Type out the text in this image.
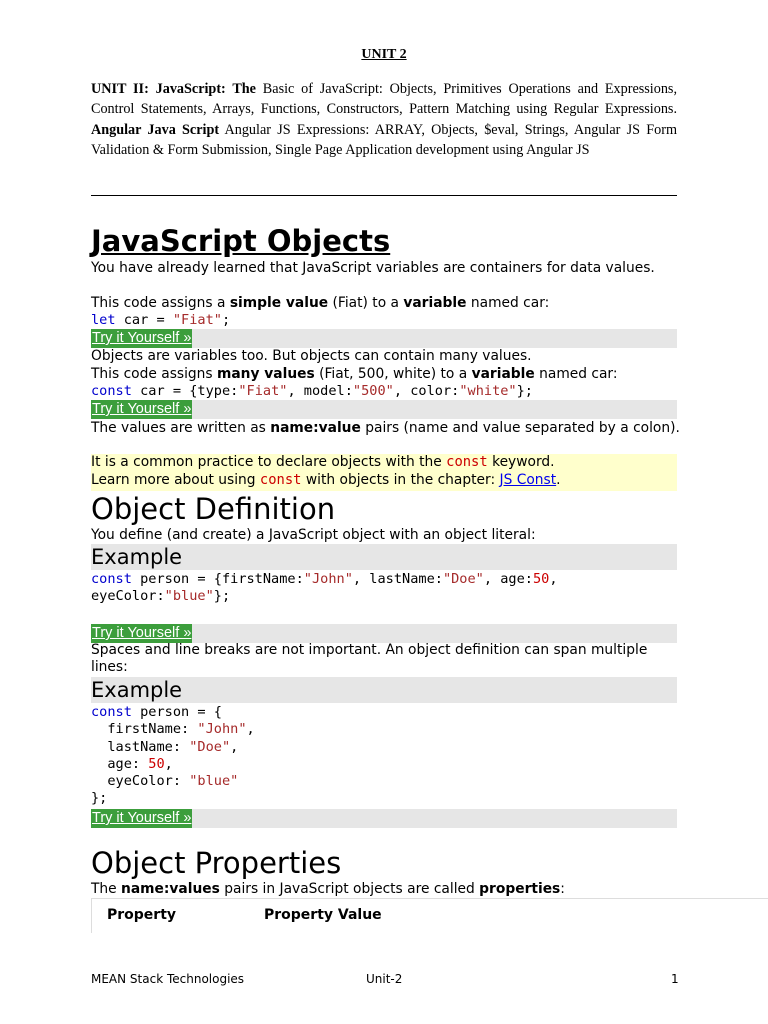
UNIT 2
UNIT II: JavaScript: The Basic of JavaScript: Objects, Primitives Operations and Expressions, Control Statements, Arrays, Functions, Constructors, Pattern Matching using Regular Expressions. Angular Java Script Angular JS Expressions: ARRAY, Objects, $eval, Strings, Angular JS Form Validation & Form Submission, Single Page Application development using Angular JS
JavaScript Objects
You have already learned that JavaScript variables are containers for data values.
This code assigns a simple value (Fiat) to a variable named car:
let car = "Fiat";
Try it Yourself »
Objects are variables too. But objects can contain many values.
This code assigns many values (Fiat, 500, white) to a variable named car:
const car = {type:"Fiat", model:"500", color:"white"};
Try it Yourself »
The values are written as name:value pairs (name and value separated by a colon).
It is a common practice to declare objects with the const keyword.
Learn more about using const with objects in the chapter: JS Const.
Object Definition
You define (and create) a JavaScript object with an object literal:
Example
const person = {firstName:"John", lastName:"Doe", age:50,
eyeColor:"blue"};
Try it Yourself »
Spaces and line breaks are not important. An object definition can span multiple lines:
Example
const person = {
firstName: "John",
lastName: "Doe",
age: 50,
eyeColor: "blue"
};
Try it Yourself »
Object Properties
The name:values pairs in JavaScript objects are called properties:
Property	Property Value
MEAN Stack Technologies	Unit-2	1
